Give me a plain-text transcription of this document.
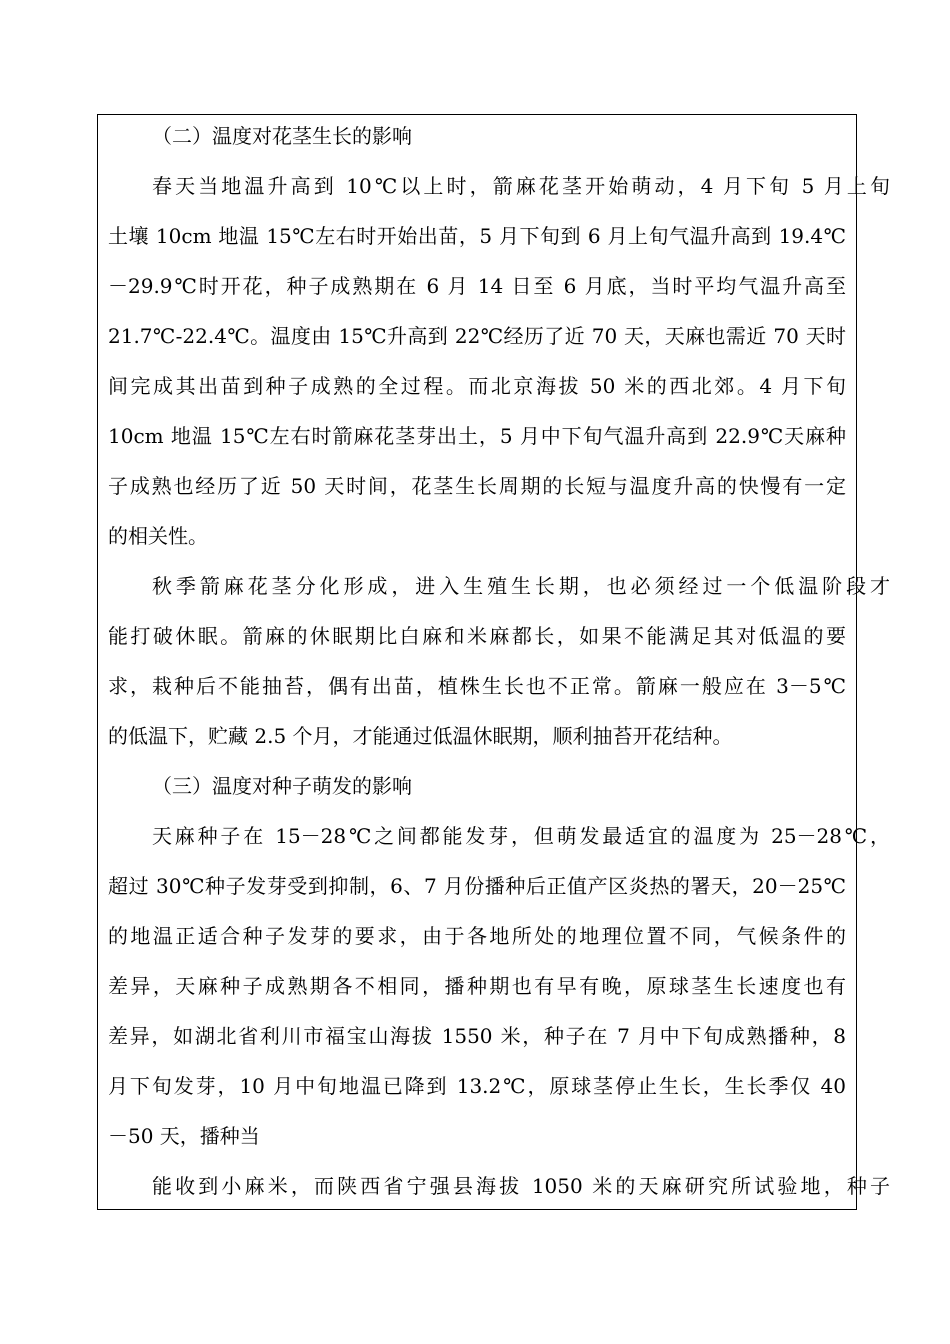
（二）温度对花茎生长的影响
春天当地温升高到 10℃以上时，箭麻花茎开始萌动，4 月下旬 5 月上旬
土壤 10cm 地温 15℃左右时开始出苗，5 月下旬到 6 月上旬气温升高到 19.4℃
－29.9℃时开花，种子成熟期在 6 月 14 日至 6 月底，当时平均气温升高至
21.7℃-22.4℃。温度由 15℃升高到 22℃经历了近 70 天，天麻也需近 70 天时
间完成其出苗到种子成熟的全过程。而北京海拔 50 米的西北郊。4 月下旬
10cm 地温 15℃左右时箭麻花茎芽出土，5 月中下旬气温升高到 22.9℃天麻种
子成熟也经历了近 50 天时间，花茎生长周期的长短与温度升高的快慢有一定
的相关性。
秋季箭麻花茎分化形成，进入生殖生长期，也必须经过一个低温阶段才
能打破休眠。箭麻的休眠期比白麻和米麻都长，如果不能满足其对低温的要
求，栽种后不能抽苔，偶有出苗，植株生长也不正常。箭麻一般应在 3－5℃
的低温下，贮藏 2.5 个月，才能通过低温休眠期，顺利抽苔开花结种。
（三）温度对种子萌发的影响
天麻种子在 15－28℃之间都能发芽，但萌发最适宜的温度为 25－28℃，
超过 30℃种子发芽受到抑制，6、7 月份播种后正值产区炎热的署天，20－25℃
的地温正适合种子发芽的要求，由于各地所处的地理位置不同，气候条件的
差异，天麻种子成熟期各不相同，播种期也有早有晚，原球茎生长速度也有
差异，如湖北省利川市福宝山海拔 1550 米，种子在 7 月中下旬成熟播种，8
月下旬发芽，10 月中旬地温已降到 13.2℃，原球茎停止生长，生长季仅 40
－50 天，播种当
能收到小麻米，而陕西省宁强县海拔 1050 米的天麻研究所试验地，种子
